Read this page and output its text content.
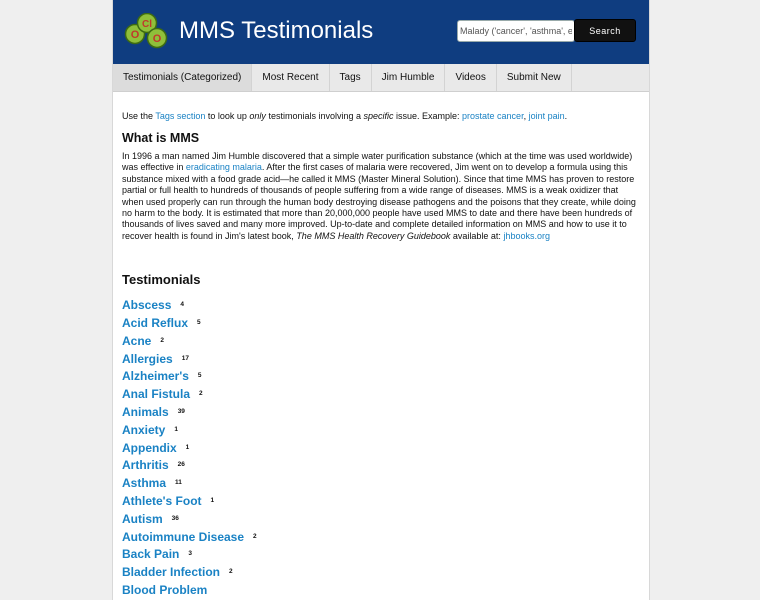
O
Cl
O MMS Testimonials
Malady ('cancer', 'asthma', etc)	Search
Testimonials (Categorized)	Most Recent	Tags	Jim Humble	Videos	Submit New

Use the Tags section to look up only testimonials involving a specific issue. Example: prostate cancer, joint pain.

What is MMS

In 1996 a man named Jim Humble discovered that a simple water purification substance (which at the time was used worldwide) was effective in eradicating malaria. After the first cases of malaria were recovered, Jim went on to develop a formula using this substance mixed with a food grade acid—he called it MMS (Master Mineral Solution). Since that time MMS has proven to restore partial or full health to hundreds of thousands of people suffering from a wide range of diseases. MMS is a weak oxidizer that when used properly can run through the human body destroying disease pathogens and the poisons that they create, while doing no harm to the body. It is estimated that more than 20,000,000 people have used MMS to date and there have been hundreds of thousands of lives saved and many more improved. Up-to-date and complete detailed information on MMS and how to use it to recover health is found in Jim's latest book, The MMS Health Recovery Guidebook available at: jhbooks.org

Testimonials
Abscess 4
Acid Reflux 5
Acne 2
Allergies 17
Alzheimer's 5
Anal Fistula 2
Animals 39
Anxiety 1
Appendix 1
Arthritis 26
Asthma 11
Athlete's Foot 1
Autism 36
Autoimmune Disease 2
Back Pain 3
Bladder Infection 2
Blood Problem
